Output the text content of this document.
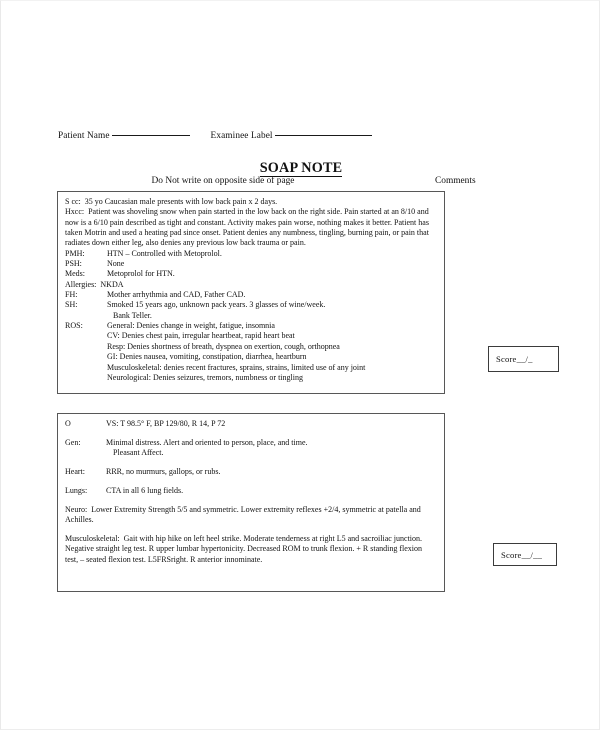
Patient Name	Examinee Label
SOAP NOTE
Do Not write on opposite side of page	Comments
S cc: 35 yo Caucasian male presents with low back pain x 2 days.
Hxcc: Patient was shoveling snow when pain started in the low back on the right side. Pain started at an 8/10 and now is a 6/10 pain described as tight and constant. Activity makes pain worse, nothing makes it better. Patient has taken Motrin and used a heating pad since onset. Patient denies any numbness, tingling, burning pain, or pain that radiates down either leg, also denies any previous low back trauma or pain.
PMH:	HTN – Controlled with Metoprolol.
PSH:	None
Meds:	Metoprolol for HTN.
Allergies: NKDA
FH:	Mother arrhythmia and CAD, Father CAD.
SH:	Smoked 15 years ago, unknown pack years. 3 glasses of wine/week.
Bank Teller.
ROS:	General: Denies change in weight, fatigue, insomnia
CV: Denies chest pain, irregular heartbeat, rapid heart beat
Resp: Denies shortness of breath, dyspnea on exertion, cough, orthopnea
GI: Denies nausea, vomiting, constipation, diarrhea, heartburn
Musculoskeletal: denies recent fractures, sprains, strains, limited use of any joint
Neurological: Denies seizures, tremors, numbness or tingling
Score__/_
O	VS: T 98.5° F, BP 129/80, R 14, P 72
Gen:	Minimal distress. Alert and oriented to person, place, and time.
Pleasant Affect.
Heart:	RRR, no murmurs, gallops, or rubs.
Lungs:	CTA in all 6 lung fields.
Neuro: Lower Extremity Strength 5/5 and symmetric. Lower extremity reflexes +2/4, symmetric at patella and Achilles.
Musculoskeletal: Gait with hip hike on left heel strike. Moderate tenderness at right L5 and sacroiliac junction. Negative straight leg test. R upper lumbar hypertonicity. Decreased ROM to trunk flexion. + R standing flexion test, – seated flexion test. L5FRSright. R anterior innominate.	Score__/__
